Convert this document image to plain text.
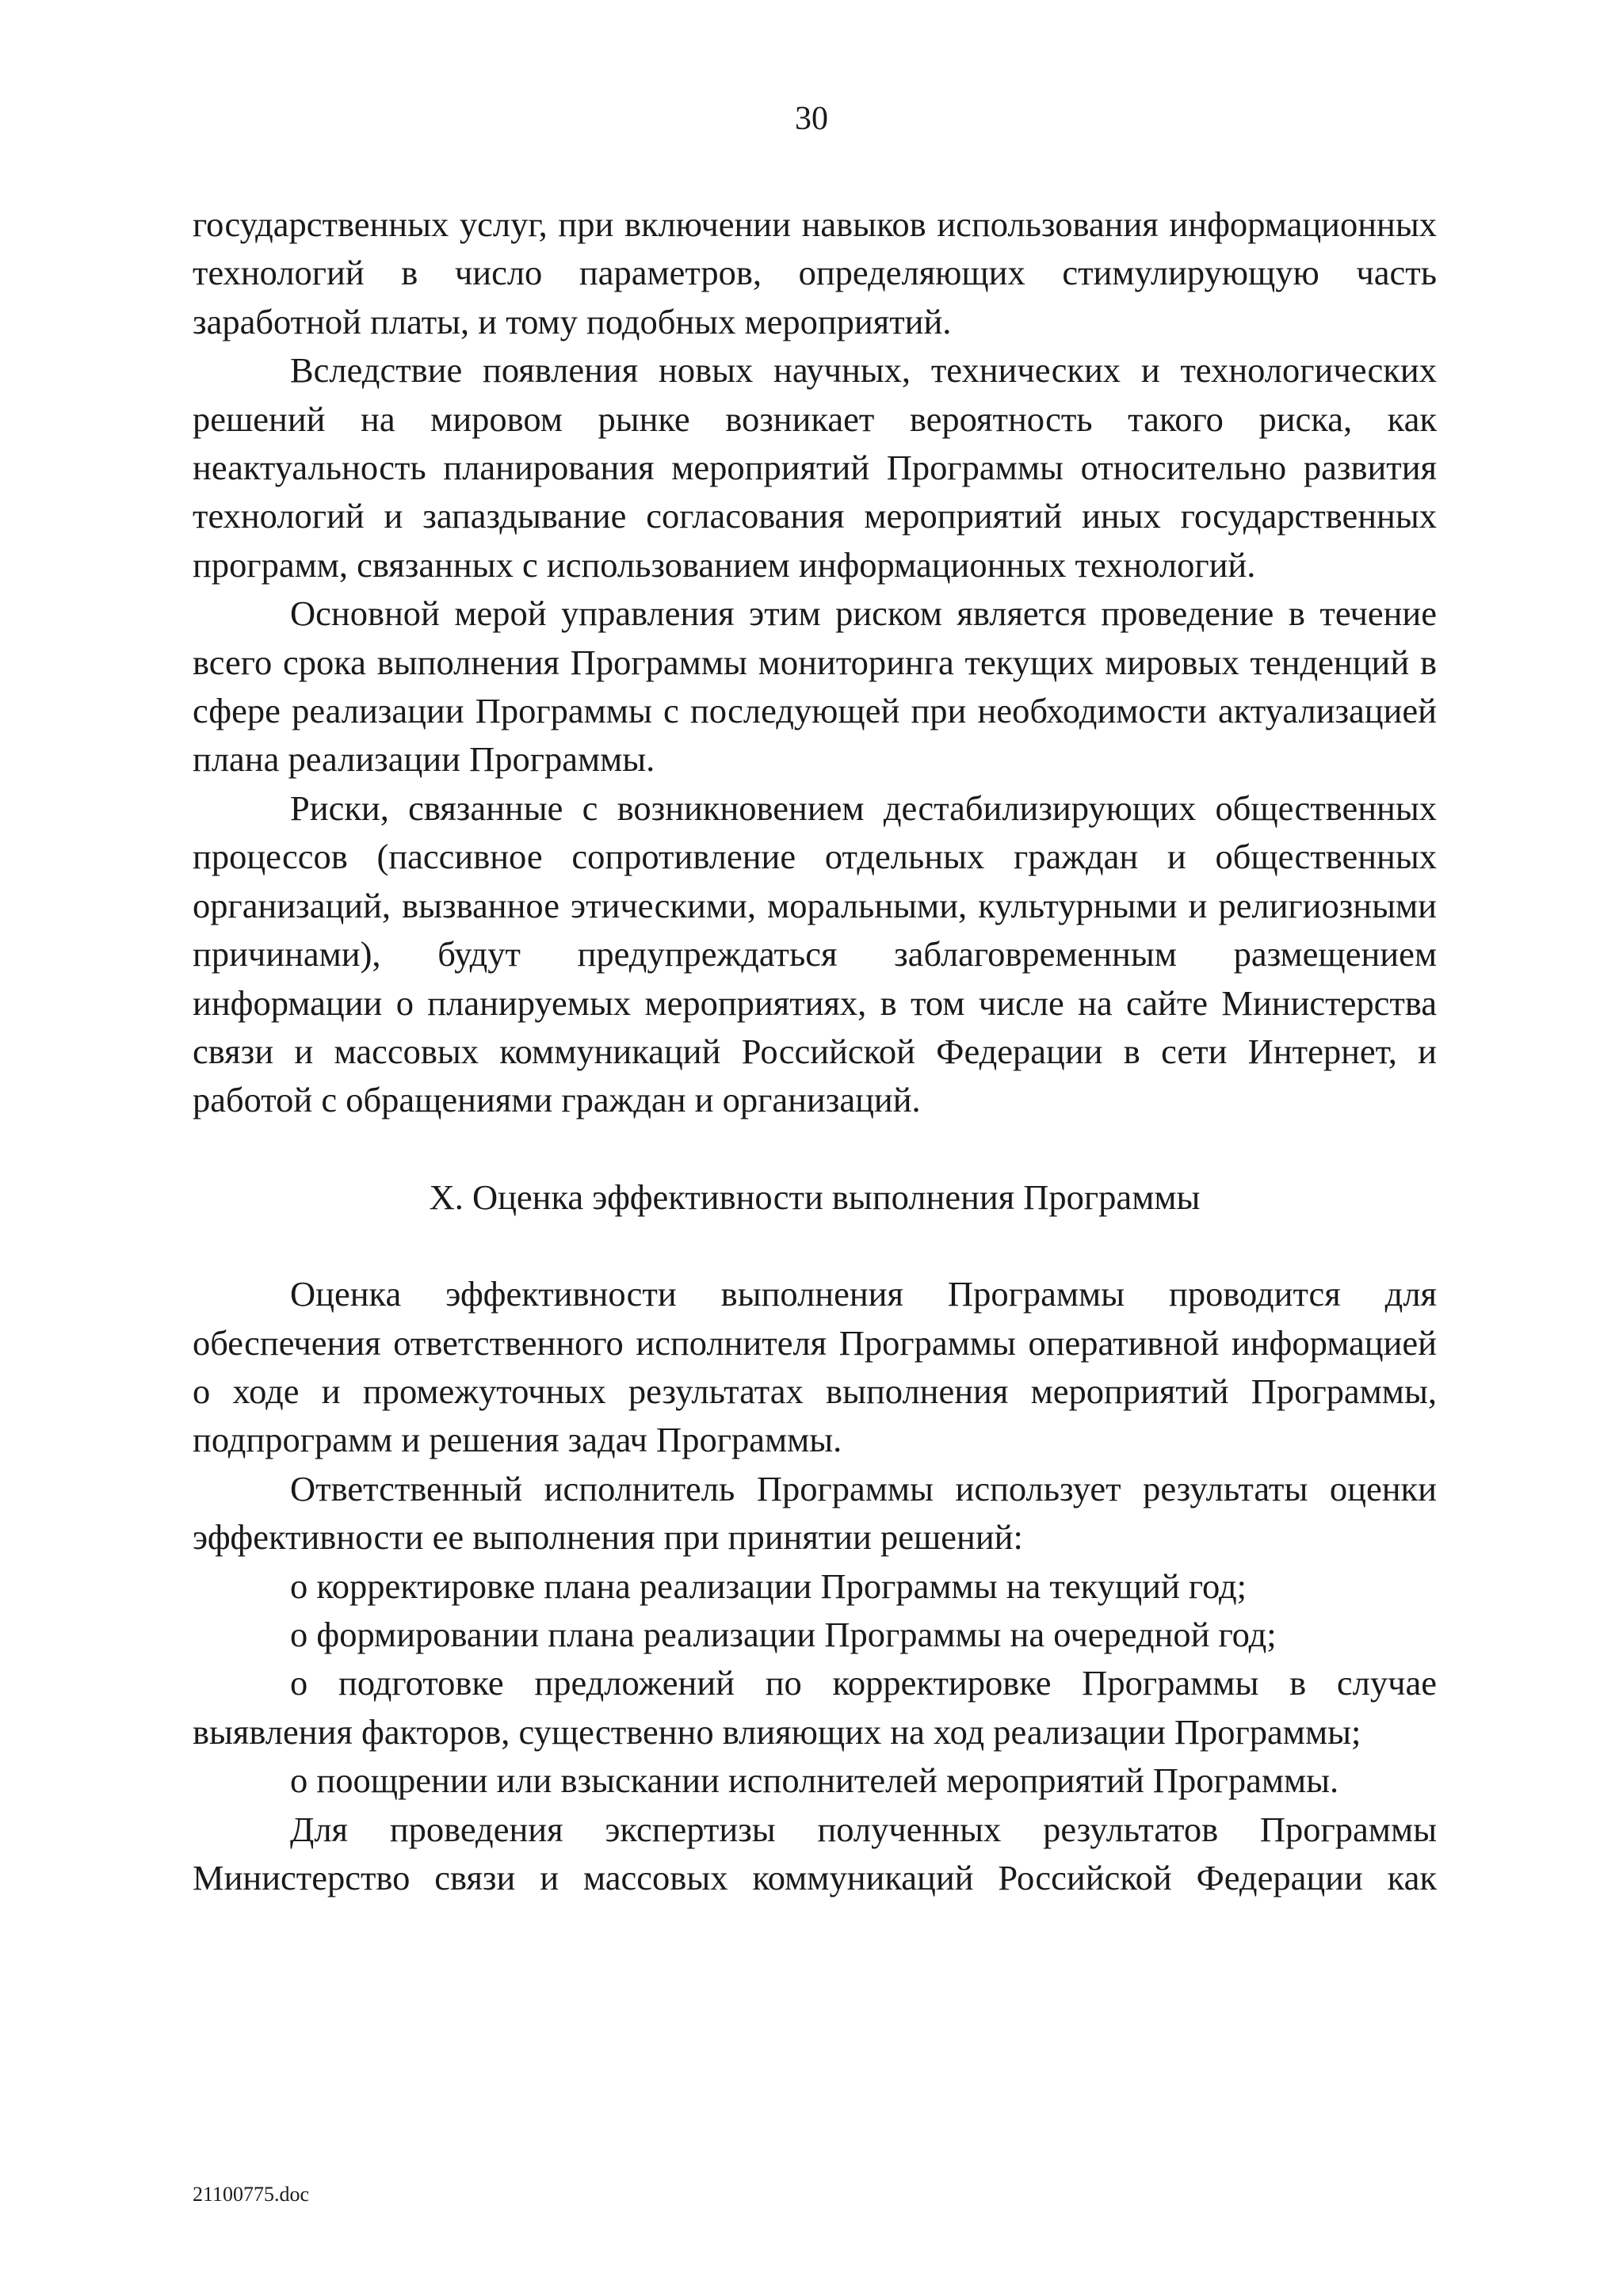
30

государственных услуг, при включении навыков использования информационных технологий в число параметров, определяющих стимулирующую часть заработной платы, и тому подобных мероприятий.

Вследствие появления новых научных, технических и технологических решений на мировом рынке возникает вероятность такого риска, как неактуальность планирования мероприятий Программы относительно развития технологий и запаздывание согласования мероприятий иных государственных программ, связанных с использованием информационных технологий.

Основной мерой управления этим риском является проведение в течение всего срока выполнения Программы мониторинга текущих мировых тенденций в сфере реализации Программы с последующей при необходимости актуализацией плана реализации Программы.

Риски, связанные с возникновением дестабилизирующих общественных процессов (пассивное сопротивление отдельных граждан и общественных организаций, вызванное этическими, моральными, культурными и религиозными причинами), будут предупреждаться заблаговременным размещением информации о планируемых мероприятиях, в том числе на сайте Министерства связи и массовых коммуникаций Российской Федерации в сети Интернет, и работой с обращениями граждан и организаций.

X. Оценка эффективности выполнения Программы

Оценка эффективности выполнения Программы проводится для обеспечения ответственного исполнителя Программы оперативной информацией о ходе и промежуточных результатах выполнения мероприятий Программы, подпрограмм и решения задач Программы.

Ответственный исполнитель Программы использует результаты оценки эффективности ее выполнения при принятии решений:

о корректировке плана реализации Программы на текущий год;

о формировании плана реализации Программы на очередной год;

о подготовке предложений по корректировке Программы в случае выявления факторов, существенно влияющих на ход реализации Программы;

о поощрении или взыскании исполнителей мероприятий Программы.

Для проведения экспертизы полученных результатов Программы Министерство связи и массовых коммуникаций Российской Федерации как

21100775.doc
